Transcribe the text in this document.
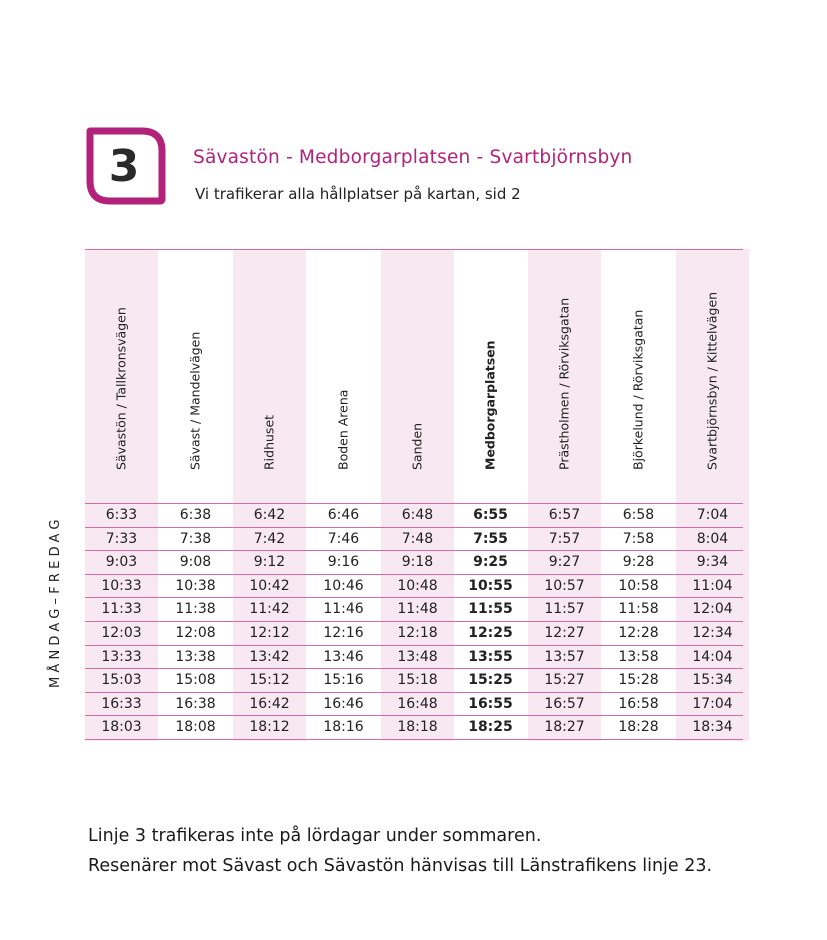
3	Sävastön - Medborgarplatsen - Svartbjörnsbyn
Vi trafikerar alla hållplatser på kartan, sid 2
MÅNDAG–FREDAG
Sävastön / Tallkronsvägen
6:33
7:33
9:03
10:33
11:33
12:03
13:33
15:03
16:33
18:03
Sävast / Mandelvägen
6:38
7:38
9:08
10:38
11:38
12:08
13:38
15:08
16:38
18:08
Ridhuset
6:42
7:42
9:12
10:42
11:42
12:12
13:42
15:12
16:42
18:12
Boden Arena
6:46
7:46
9:16
10:46
11:46
12:16
13:46
15:16
16:46
18:16
Sanden
6:48
7:48
9:18
10:48
11:48
12:18
13:48
15:18
16:48
18:18
Medborgarplatsen
6:55
7:55
9:25
10:55
11:55
12:25
13:55
15:25
16:55
18:25
Prästholmen / Rörviksgatan
6:57
7:57
9:27
10:57
11:57
12:27
13:57
15:27
16:57
18:27
Björkelund / Rörviksgatan
6:58
7:58
9:28
10:58
11:58
12:28
13:58
15:28
16:58
18:28
Svartbjörnsbyn / Kittelvägen
7:04
8:04
9:34
11:04
12:04
12:34
14:04
15:34
17:04
18:34
Linje 3 trafikeras inte på lördagar under sommaren.
Resenärer mot Sävast och Sävastön hänvisas till Länstrafikens linje 23.
